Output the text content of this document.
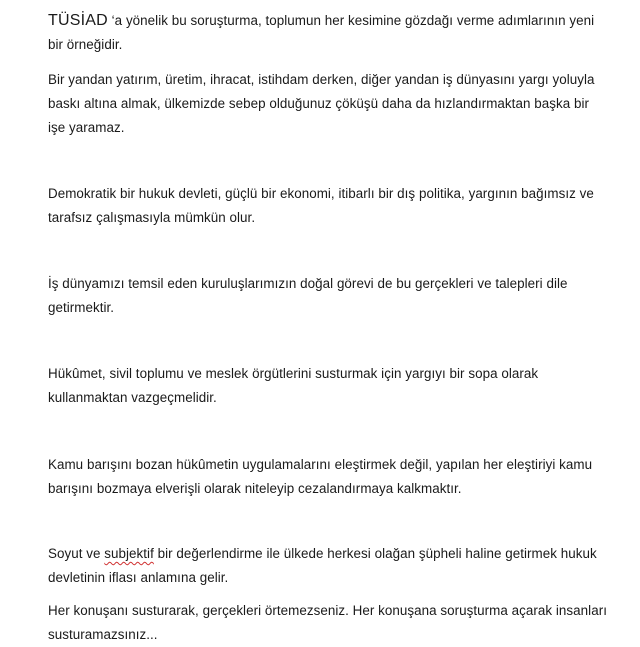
TÜSİAD ‘a yönelik bu soruşturma, toplumun her kesimine gözdağı verme adımlarının yeni bir örneğidir.

Bir yandan yatırım, üretim, ihracat, istihdam derken, diğer yandan iş dünyasını yargı yoluyla baskı altına almak, ülkemizde sebep olduğunuz çöküşü daha da hızlandırmaktan başka bir işe yaramaz.

Demokratik bir hukuk devleti, güçlü bir ekonomi, itibarlı bir dış politika, yargının bağımsız ve tarafsız çalışmasıyla mümkün olur.

İş dünyamızı temsil eden kuruluşlarımızın doğal görevi de bu gerçekleri ve talepleri dile getirmektir.

Hükûmet, sivil toplumu ve meslek örgütlerini susturmak için yargıyı bir sopa olarak kullanmaktan vazgeçmelidir.

Kamu barışını bozan hükûmetin uygulamalarını eleştirmek değil, yapılan her eleştiriyi kamu barışını bozmaya elverişli olarak niteleyip cezalandırmaya kalkmaktır.

Soyut ve subjektif bir değerlendirme ile ülkede herkesi olağan şüpheli haline getirmek hukuk devletinin iflası anlamına gelir.

Her konuşanı susturarak, gerçekleri örtemezseniz. Her konuşana soruşturma açarak insanları susturamazsınız...
